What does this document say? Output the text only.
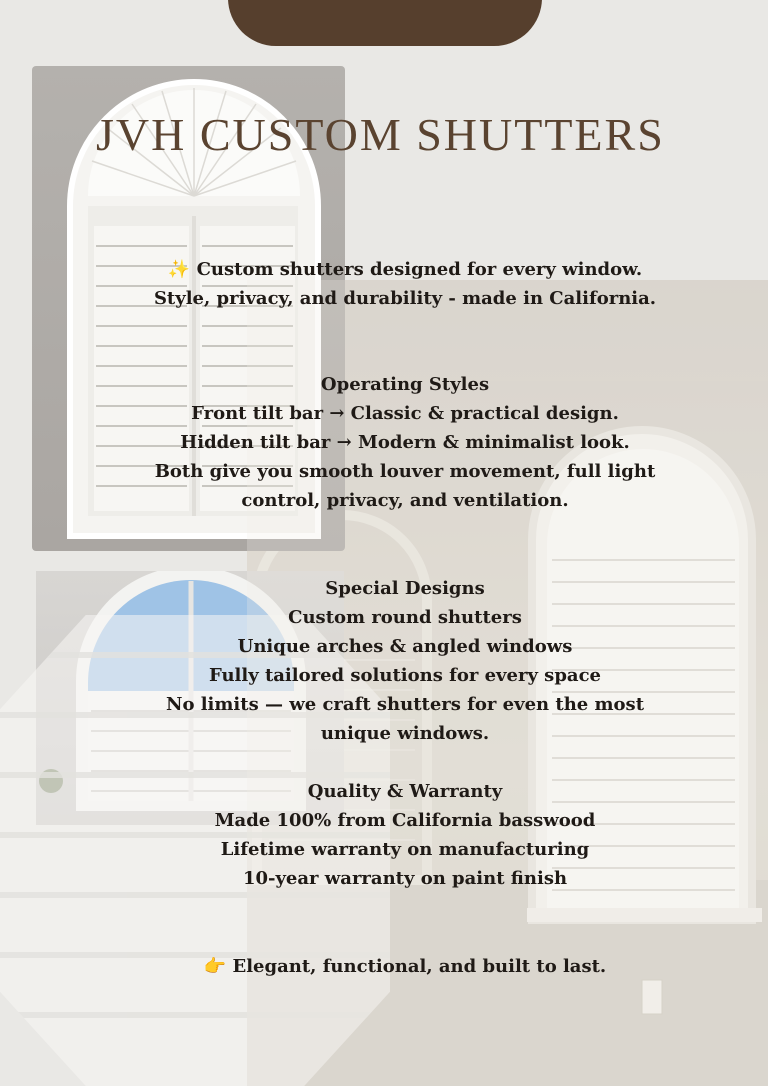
JVH CUSTOM SHUTTERS
✨ Custom shutters designed for every window.
Style, privacy, and durability - made in California.
Operating Styles
Front tilt bar → Classic & practical design.
Hidden tilt bar → Modern & minimalist look.
Both give you smooth louver movement, full light
control, privacy, and ventilation.
Special Designs
Custom round shutters
Unique arches & angled windows
Fully tailored solutions for every space
No limits — we craft shutters for even the most
unique windows.
Quality & Warranty
Made 100% from California basswood
Lifetime warranty on manufacturing
10-year warranty on paint finish
👉 Elegant, functional, and built to last.
